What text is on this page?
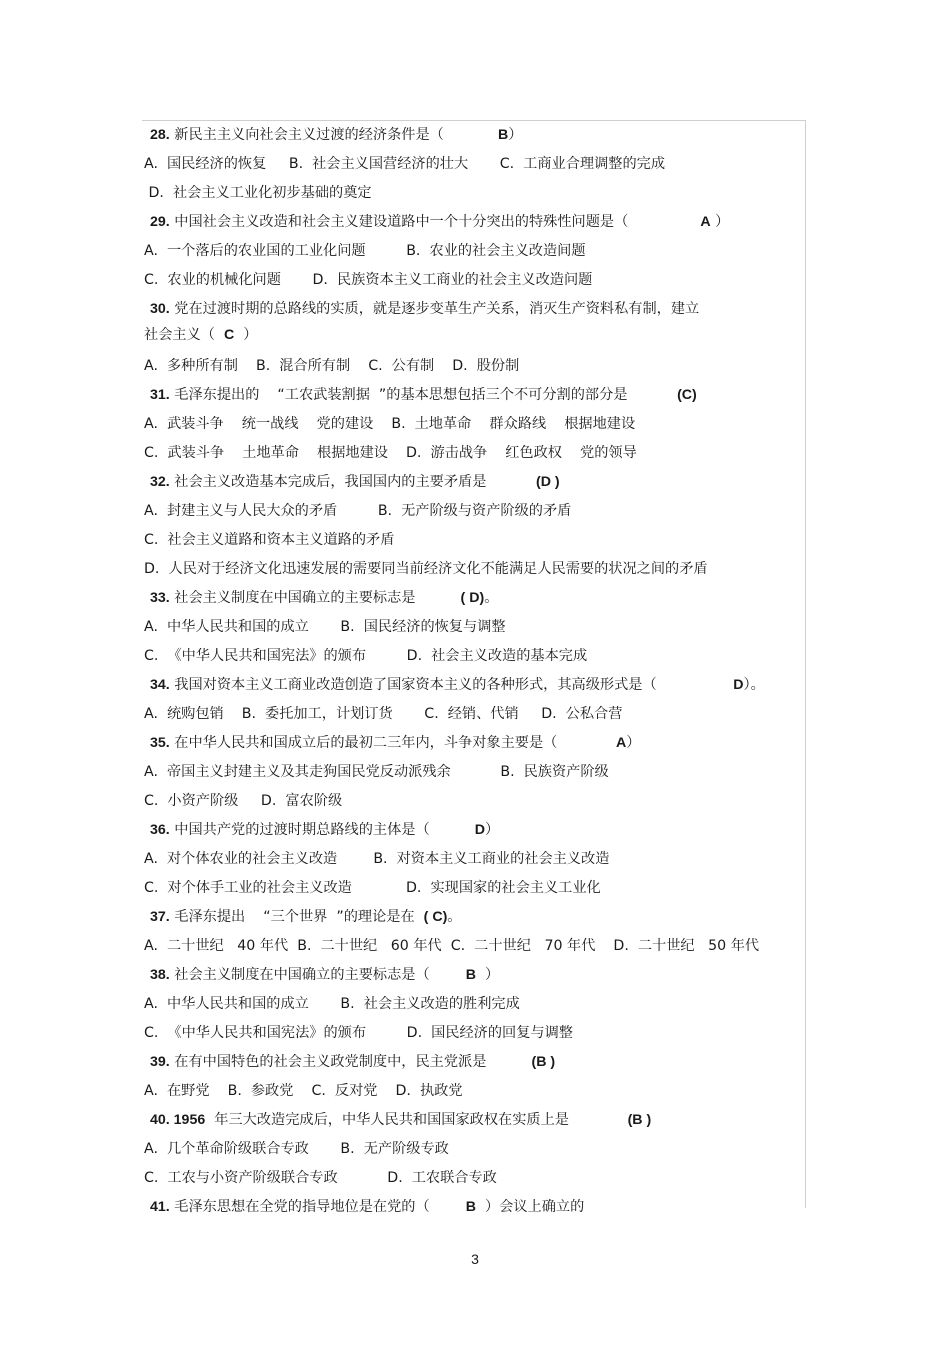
28. 新民主主义向社会主义过渡的经济条件是（            B）
A.  国民经济的恢复     B.  社会主义国营经济的壮大       C.  工商业合理调整的完成
D.  社会主义工业化初步基础的奠定
29. 中国社会主义改造和社会主义建设道路中一个十分突出的特殊性问题是（                A ）
A.  一个落后的农业国的工业化问题         B.  农业的社会主义改造间题
C.  农业的机械化问题       D.  民族资本主义工商业的社会主义改造问题
30. 党在过渡时期的总路线的实质，就是逐步变革生产关系，消灭生产资料私有制，建立
社会主义（  C  ）
A.  多种所有制    B.  混合所有制    C.  公有制    D.  股份制
31. 毛泽东提出的    “工农武装割据  ”的基本思想包括三个不可分割的部分是           (C)
A.  武装斗争    统一战线    党的建设    B.  土地革命    群众路线    根据地建设
C.  武装斗争    土地革命    根据地建设    D.  游击战争    红色政权    党的领导
32. 社会主义改造基本完成后，我国国内的主要矛盾是           (D )
A.  封建主义与人民大众的矛盾         B.  无产阶级与资产阶级的矛盾
C.  社会主义道路和资本主义道路的矛盾
D.  人民对于经济文化迅速发展的需要同当前经济文化不能满足人民需要的状况之间的矛盾
33. 社会主义制度在中国确立的主要标志是          ( D)。
A.  中华人民共和国的成立       B.  国民经济的恢复与调整
C.  《中华人民共和国宪法》的颁布         D.  社会主义改造的基本完成
34. 我国对资本主义工商业改造创造了国家资本主义的各种形式，其高级形式是（                 D）。
A.  统购包销    B.  委托加工，计划订货       C.  经销、代销     D.  公私合营
35. 在中华人民共和国成立后的最初二三年内，斗争对象主要是（             A）
A.  帝国主义封建主义及其走狗国民党反动派残余           B.  民族资产阶级
C.  小资产阶级     D.  富农阶级
36. 中国共产党的过渡时期总路线的主体是（          D）
A.  对个体农业的社会主义改造        B.  对资本主义工商业的社会主义改造
C.  对个体手工业的社会主义改造            D.  实现国家的社会主义工业化
37. 毛泽东提出    “三个世界  ”的理论是在  ( C)。
A.  二十世纪   40 年代  B.  二十世纪   60 年代  C.  二十世纪   70 年代    D.  二十世纪   50 年代
38. 社会主义制度在中国确立的主要标志是（        B  ）
A.  中华人民共和国的成立       B.  社会主义改造的胜利完成
C.  《中华人民共和国宪法》的颁布         D.  国民经济的回复与调整
39. 在有中国特色的社会主义政党制度中，民主党派是          (B )
A.  在野党    B.  参政党    C.  反对党    D.  执政党
40. 1956  年三大改造完成后，中华人民共和国国家政权在实质上是             (B )
A.  几个革命阶级联合专政       B.  无产阶级专政
C.  工农与小资产阶级联合专政           D.  工农联合专政
41. 毛泽东思想在全党的指导地位是在党的（        B  ）会议上确立的
3
